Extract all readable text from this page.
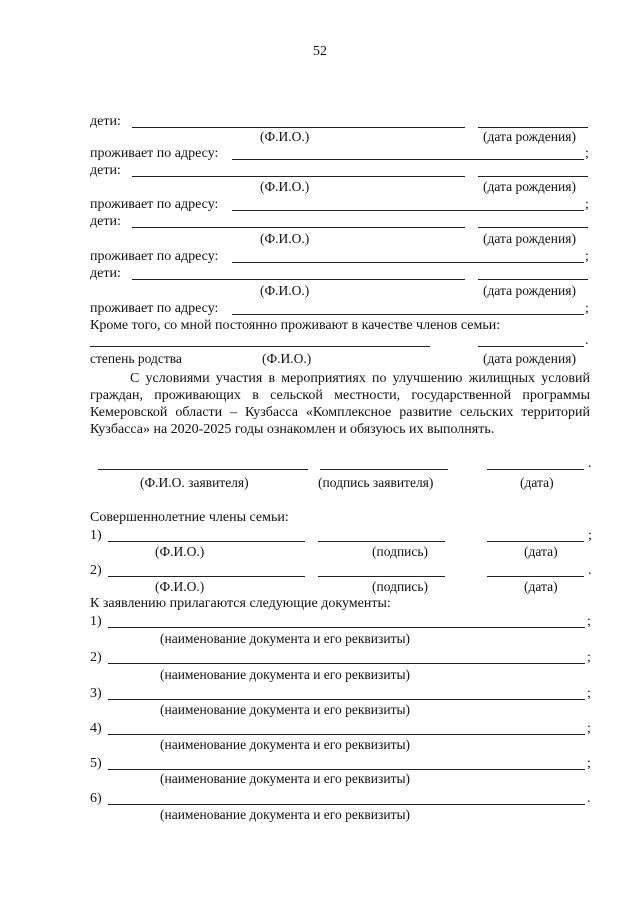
52
дети:
(Ф.И.О.)	(дата рождения)
проживает по адресу:	;
дети:
(Ф.И.О.)	(дата рождения)
проживает по адресу:	;
дети:
(Ф.И.О.)	(дата рождения)
проживает по адресу:	;
дети:
(Ф.И.О.)	(дата рождения)
проживает по адресу:	;
Кроме того, со мной постоянно проживают в качестве членов семьи:
.
степень родства	(Ф.И.О.)	(дата рождения)
С условиями участия в мероприятиях по улучшению жилищных условий граждан, проживающих в сельской местности, государственной программы Кемеровской области – Кузбасса «Комплексное развитие сельских территорий Кузбасса» на 2020-2025 годы ознакомлен и обязуюсь их выполнять.
.
(Ф.И.О. заявителя)	(подпись заявителя)	(дата)
Совершеннолетние члены семьи:
1)	;
(Ф.И.О.)	(подпись)	(дата)
2)	.
(Ф.И.О.)	(подпись)	(дата)
К заявлению прилагаются следующие документы:
1)	;
(наименование документа и его реквизиты)
2)	;
(наименование документа и его реквизиты)
3)	;
(наименование документа и его реквизиты)
4)	;
(наименование документа и его реквизиты)
5)	;
(наименование документа и его реквизиты)
6)	.
(наименование документа и его реквизиты)
